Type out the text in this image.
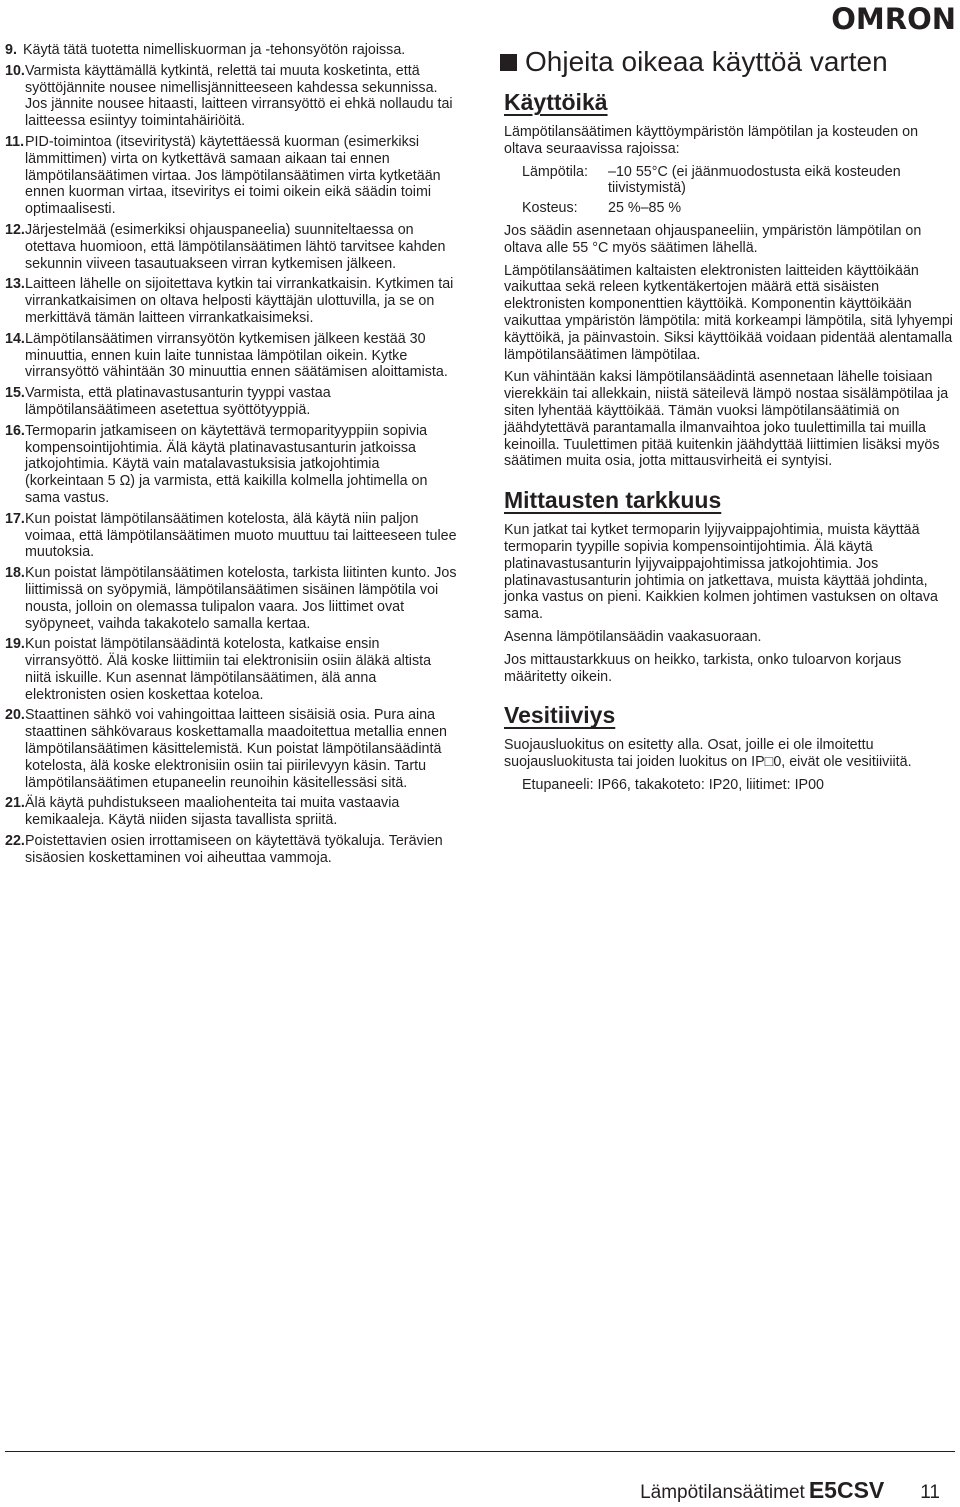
OMRON
9. Käytä tätä tuotetta nimelliskuorman ja -tehonsyötön rajoissa.
10. Varmista käyttämällä kytkintä, relettä tai muuta kosketinta, että syöttöjännite nousee nimellisjännitteeseen kahdessa sekunnissa. Jos jännite nousee hitaasti, laitteen virransyöttö ei ehkä nollaudu tai laitteessa esiintyy toimintahäiriöitä.
11. PID-toimintoa (itseviritystä) käytettäessä kuorman (esimerkiksi lämmittimen) virta on kytkettävä samaan aikaan tai ennen lämpötilansäätimen virtaa. Jos lämpötilansäätimen virta kytketään ennen kuorman virtaa, itseviritys ei toimi oikein eikä säädin toimi optimaalisesti.
12. Järjestelmää (esimerkiksi ohjauspaneelia) suunniteltaessa on otettava huomioon, että lämpötilansäätimen lähtö tarvitsee kahden sekunnin viiveen tasautuakseen virran kytkemisen jälkeen.
13. Laitteen lähelle on sijoitettava kytkin tai virrankatkaisin. Kytkimen tai virrankatkaisimen on oltava helposti käyttäjän ulottuvilla, ja se on merkittävä tämän laitteen virrankatkaisimeksi.
14. Lämpötilansäätimen virransyötön kytkemisen jälkeen kestää 30 minuuttia, ennen kuin laite tunnistaa lämpötilan oikein. Kytke virransyöttö vähintään 30 minuuttia ennen säätämisen aloittamista.
15. Varmista, että platinavastusanturin tyyppi vastaa lämpötilansäätimeen asetettua syöttötyyppiä.
16. Termoparin jatkamiseen on käytettävä termoparityyppiin sopivia kompensointijohtimia. Älä käytä platinavastusanturin jatkoissa jatkojohtimia. Käytä vain matalavastuksisia jatkojohtimia (korkeintaan 5 Ω) ja varmista, että kaikilla kolmella johtimella on sama vastus.
17. Kun poistat lämpötilansäätimen kotelosta, älä käytä niin paljon voimaa, että lämpötilansäätimen muoto muuttuu tai laitteeseen tulee muutoksia.
18. Kun poistat lämpötilansäätimen kotelosta, tarkista liitinten kunto. Jos liittimissä on syöpymiä, lämpötilansäätimen sisäinen lämpötila voi nousta, jolloin on olemassa tulipalon vaara. Jos liittimet ovat syöpyneet, vaihda takakotelo samalla kertaa.
19. Kun poistat lämpötilansäädintä kotelosta, katkaise ensin virransyöttö. Älä koske liittimiin tai elektronisiin osiin äläkä altista niitä iskuille. Kun asennat lämpötilansäätimen, älä anna elektronisten osien koskettaa koteloa.
20. Staattinen sähkö voi vahingoittaa laitteen sisäisiä osia. Pura aina staattinen sähkövaraus koskettamalla maadoitettua metallia ennen lämpötilansäätimen käsittelemistä. Kun poistat lämpötilansäädintä kotelosta, älä koske elektronisiin osiin tai piirilevyyn käsin. Tartu lämpötilansäätimen etupaneelin reunoihin käsitellessäsi sitä.
21. Älä käytä puhdistukseen maaliohenteita tai muita vastaavia kemikaaleja. Käytä niiden sijasta tavallista spriitä.
22. Poistettavien osien irrottamiseen on käytettävä työkaluja. Terävien sisäosien koskettaminen voi aiheuttaa vammoja.
Ohjeita oikeaa käyttöä varten
Käyttöikä
Lämpötilansäätimen käyttöympäristön lämpötilan ja kosteuden on oltava seuraavissa rajoissa:
Lämpötila:	–10 55°C (ei jäänmuodostusta eikä kosteuden tiivistymistä)
Kosteus:	25 %–85 %
Jos säädin asennetaan ohjauspaneeliin, ympäristön lämpötilan on oltava alle 55 °C myös säätimen lähellä.
Lämpötilansäätimen kaltaisten elektronisten laitteiden käyttöikään vaikuttaa sekä releen kytkentäkertojen määrä että sisäisten elektronisten komponenttien käyttöikä. Komponentin käyttöikään vaikuttaa ympäristön lämpötila: mitä korkeampi lämpötila, sitä lyhyempi käyttöikä, ja päinvastoin. Siksi käyttöikää voidaan pidentää alentamalla lämpötilansäätimen lämpötilaa.
Kun vähintään kaksi lämpötilansäädintä asennetaan lähelle toisiaan vierekkäin tai allekkain, niistä säteilevä lämpö nostaa sisälämpötilaa ja siten lyhentää käyttöikää. Tämän vuoksi lämpötilansäätimiä on jäähdytettävä parantamalla ilmanvaihtoa joko tuulettimilla tai muilla keinoilla. Tuulettimen pitää kuitenkin jäähdyttää liittimien lisäksi myös säätimen muita osia, jotta mittausvirheitä ei syntyisi.
Mittausten tarkkuus
Kun jatkat tai kytket termoparin lyijyvaippajohtimia, muista käyttää termoparin tyypille sopivia kompensointijohtimia. Älä käytä platinavastusanturin lyijyvaippajohtimissa jatkojohtimia. Jos platinavastusanturin johtimia on jatkettava, muista käyttää johdinta, jonka vastus on pieni. Kaikkien kolmen johtimen vastuksen on oltava sama.
Asenna lämpötilansäädin vaakasuoraan.
Jos mittaustarkkuus on heikko, tarkista, onko tuloarvon korjaus määritetty oikein.
Vesitiiviys
Suojausluokitus on esitetty alla. Osat, joille ei ole ilmoitettu suojausluokitusta tai joiden luokitus on IP□0, eivät ole vesitiiviitä.
Etupaneeli: IP66, takakoteto: IP20, liitimet: IP00
Lämpötilansäätimet E5CSV 11
